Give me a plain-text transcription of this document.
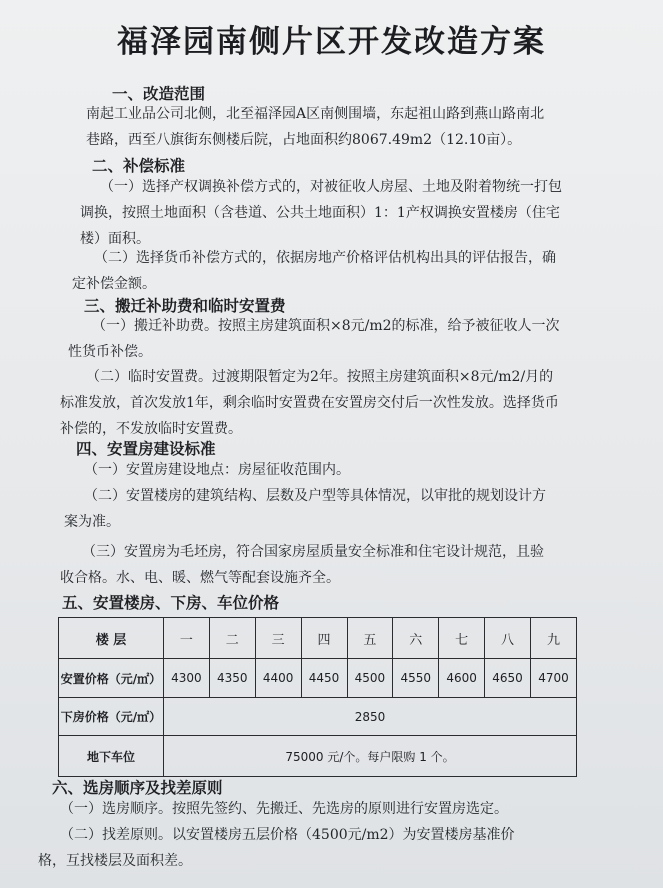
福泽园南侧片区开发改造方案
一、改造范围
南起工业品公司北侧，北至福泽园A区南侧围墙，东起祖山路到燕山路南北
巷路，西至八旗街东侧楼后院，占地面积约8067.49m2（12.10亩）。
二、补偿标准
（一）选择产权调换补偿方式的，对被征收人房屋、土地及附着物统一打包
调换，按照土地面积（含巷道、公共土地面积）1：1产权调换安置楼房（住宅
楼）面积。
（二）选择货币补偿方式的，依据房地产价格评估机构出具的评估报告，确
定补偿金额。
三、搬迁补助费和临时安置费
（一）搬迁补助费。按照主房建筑面积×8元/m2的标准，给予被征收人一次
性货币补偿。
（二）临时安置费。过渡期限暂定为2年。按照主房建筑面积×8元/m2/月的
标准发放，首次发放1年，剩余临时安置费在安置房交付后一次性发放。选择货币
补偿的，不发放临时安置费。
四、安置房建设标准
（一）安置房建设地点：房屋征收范围内。
（二）安置楼房的建筑结构、层数及户型等具体情况，以审批的规划设计方
案为准。
（三）安置房为毛坯房，符合国家房屋质量安全标准和住宅设计规范，且验
收合格。水、电、暖、燃气等配套设施齐全。
五、安置楼房、下房、车位价格
楼 层	一	二	三	四	五	六	七	八	九
安置价格（元/㎡）	4300	4350	4400	4450	4500	4550	4600	4650	4700
下房价格（元/㎡）	2850								
地下车位	75000 元/个。每户限购 1 个。								
六、选房顺序及找差原则
（一）选房顺序。按照先签约、先搬迁、先选房的原则进行安置房选定。
（二）找差原则。以安置楼房五层价格（4500元/m2）为安置楼房基准价
格，互找楼层及面积差。
